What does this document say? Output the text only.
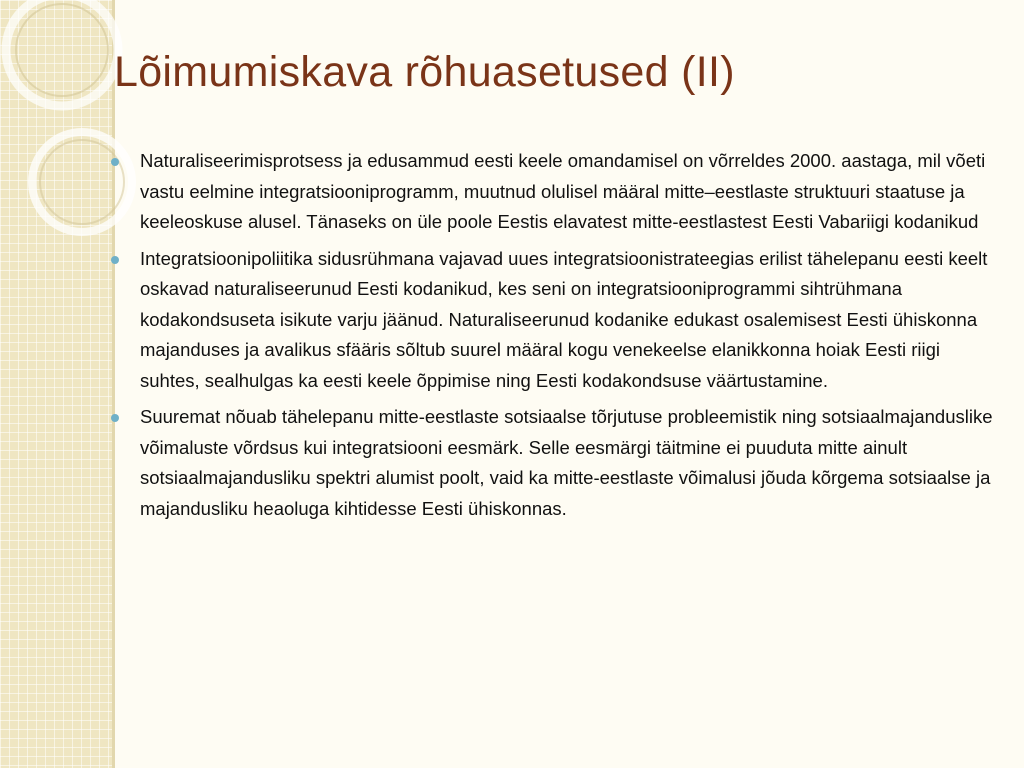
Lõimumiskava rõhuasetused (II)
Naturaliseerimisprotsess ja edusammud eesti keele omandamisel on võrreldes 2000. aastaga, mil võeti vastu eelmine integratsiooniprogramm, muutnud olulisel määral mitte–eestlaste struktuuri staatuse ja keeleoskuse alusel. Tänaseks on üle poole Eestis elavatest mitte-eestlastest Eesti Vabariigi kodanikud
Integratsioonipoliitika sidusrühmana vajavad uues integratsioonistrateegias erilist tähelepanu eesti keelt oskavad naturaliseerunud Eesti kodanikud, kes seni on integratsiooniprogrammi sihtrühmana kodakondsuseta isikute varju jäänud. Naturaliseerunud kodanike edukast osalemisest Eesti ühiskonna majanduses ja avalikus sfääris sõltub suurel määral kogu venekeelse elanikkonna hoiak Eesti riigi suhtes, sealhulgas ka eesti keele õppimise ning Eesti kodakondsuse väärtustamine.
Suuremat nõuab tähelepanu mitte-eestlaste sotsiaalse tõrjutuse probleemistik ning sotsiaalmajanduslike võimaluste võrdsus kui integratsiooni eesmärk. Selle eesmärgi täitmine ei puuduta mitte ainult sotsiaalmajandusliku spektri alumist poolt, vaid ka mitte-eestlaste võimalusi jõuda kõrgema sotsiaalse ja majandusliku heaoluga kihtidesse Eesti ühiskonnas.
